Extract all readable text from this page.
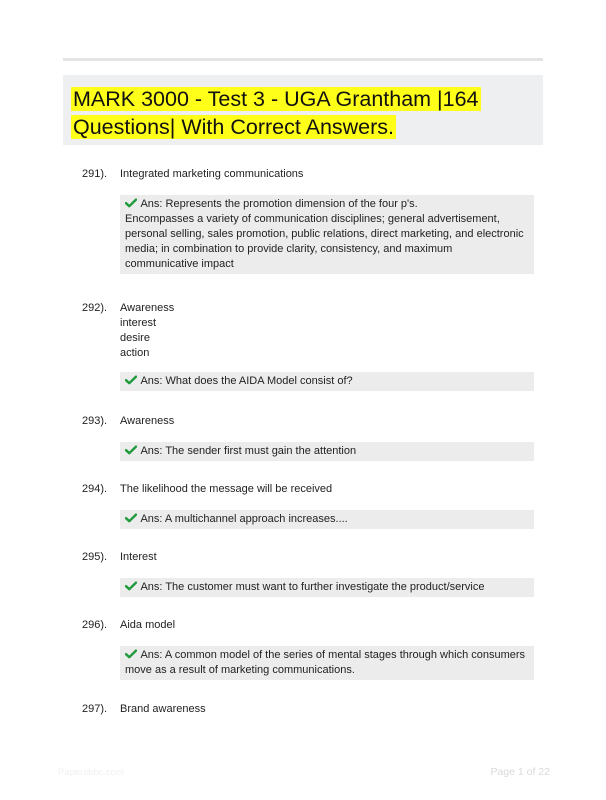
MARK 3000 - Test 3 - UGA Grantham |164 Questions| With Correct Answers.
291). Integrated marketing communications
Ans: Represents the promotion dimension of the four p's.
Encompasses a variety of communication disciplines; general advertisement, personal selling, sales promotion, public relations, direct marketing, and electronic media; in combination to provide clarity, consistency, and maximum communicative impact
292). Awareness
interest
desire
action
Ans: What does the AIDA Model consist of?
293). Awareness
Ans: The sender first must gain the attention
294). The likelihood the message will be received
Ans: A multichannel approach increases....
295). Interest
Ans: The customer must want to further investigate the product/service
296). Aida model
Ans: A common model of the series of mental stages through which consumers move as a result of marketing communications.
297). Brand awareness
Papersbbc.com	Page 1 of 22
